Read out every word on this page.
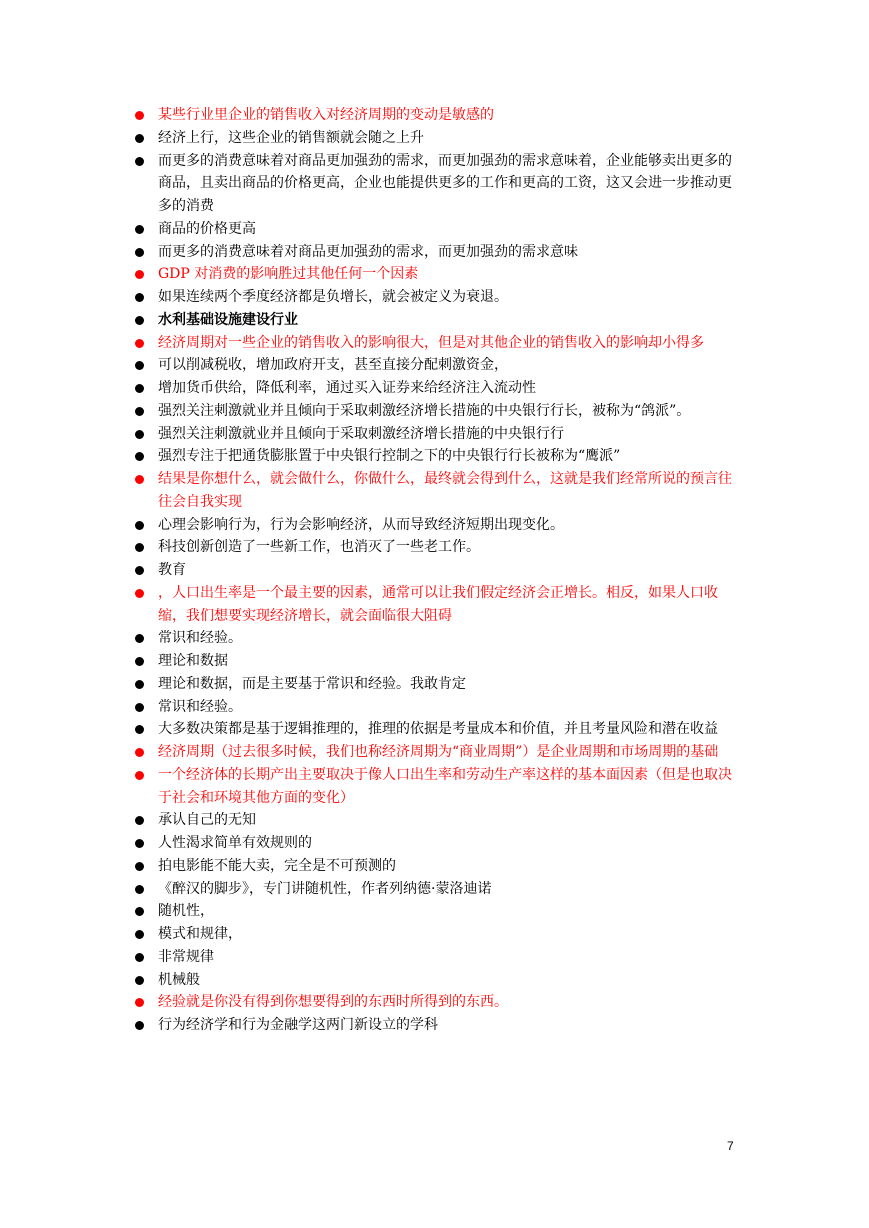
某些行业里企业的销售收入对经济周期的变动是敏感的
经济上行，这些企业的销售额就会随之上升
而更多的消费意味着对商品更加强劲的需求，而更加强劲的需求意味着，企业能够卖出更多的商品，且卖出商品的价格更高，企业也能提供更多的工作和更高的工资，这又会进一步推动更多的消费
商品的价格更高
而更多的消费意味着对商品更加强劲的需求，而更加强劲的需求意味
GDP 对消费的影响胜过其他任何一个因素
如果连续两个季度经济都是负增长，就会被定义为衰退。
水利基础设施建设行业
经济周期对一些企业的销售收入的影响很大，但是对其他企业的销售收入的影响却小得多
可以削减税收，增加政府开支，甚至直接分配刺激资金，
增加货币供给，降低利率，通过买入证券来给经济注入流动性
强烈关注刺激就业并且倾向于采取刺激经济增长措施的中央银行行长，被称为“鸽派”。
强烈关注刺激就业并且倾向于采取刺激经济增长措施的中央银行行
强烈专注于把通货膨胀置于中央银行控制之下的中央银行行长被称为“鹰派”
结果是你想什么，就会做什么，你做什么，最终就会得到什么，这就是我们经常所说的预言往往会自我实现
心理会影响行为，行为会影响经济，从而导致经济短期出现变化。
科技创新创造了一些新工作，也消灭了一些老工作。
教育
，人口出生率是一个最主要的因素，通常可以让我们假定经济会正增长。相反，如果人口收缩，我们想要实现经济增长，就会面临很大阻碍
常识和经验。
理论和数据
理论和数据，而是主要基于常识和经验。我敢肯定
常识和经验。
大多数决策都是基于逻辑推理的，推理的依据是考量成本和价值，并且考量风险和潜在收益
经济周期（过去很多时候，我们也称经济周期为“商业周期”）是企业周期和市场周期的基础
一个经济体的长期产出主要取决于像人口出生率和劳动生产率这样的基本面因素（但是也取决于社会和环境其他方面的变化）
承认自己的无知
人性渴求简单有效规则的
拍电影能不能大卖，完全是不可预测的
《醉汉的脚步》，专门讲随机性，作者列纳德·蒙洛迪诺
随机性，
模式和规律，
非常规律
机械般
经验就是你没有得到你想要得到的东西时所得到的东西。
行为经济学和行为金融学这两门新设立的学科
7
